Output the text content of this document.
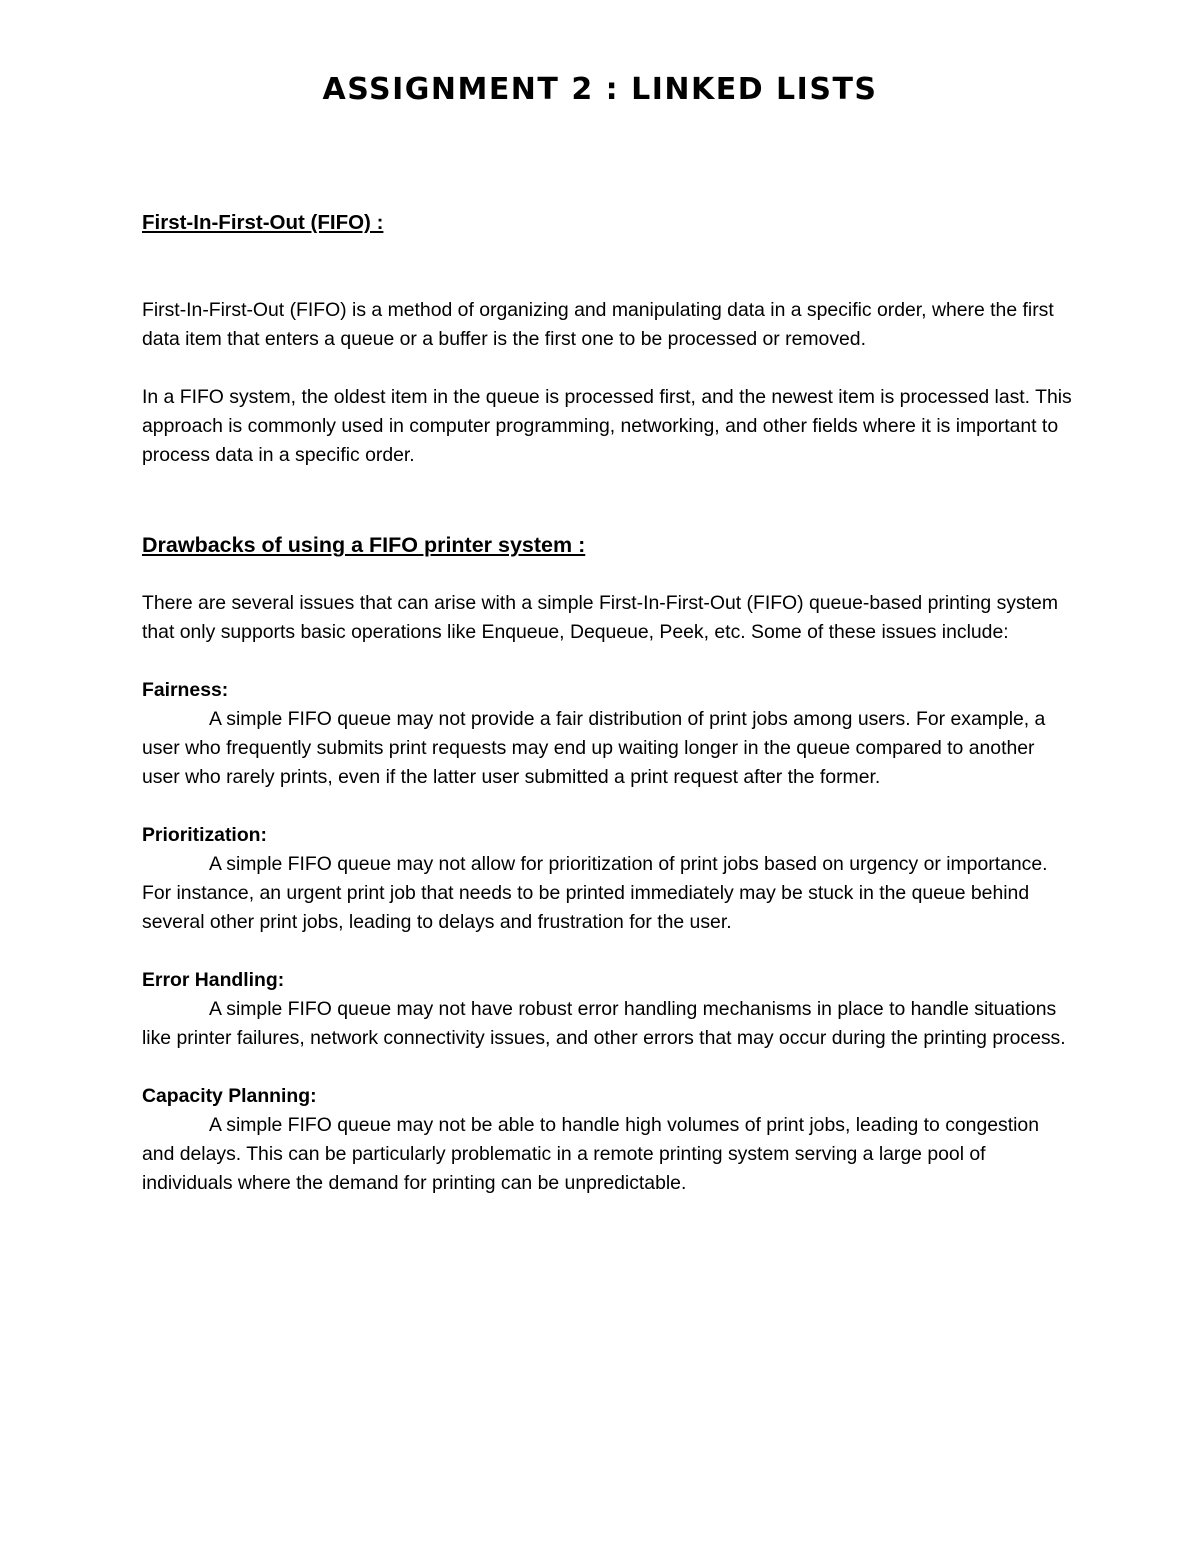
ASSIGNMENT 2 : LINKED LISTS

First-In-First-Out (FIFO) :

First-In-First-Out (FIFO) is a method of organizing and manipulating data in a specific order, where the first data item that enters a queue or a buffer is the first one to be processed or removed.

In a FIFO system, the oldest item in the queue is processed first, and the newest item is processed last. This approach is commonly used in computer programming, networking, and other fields where it is important to process data in a specific order.

Drawbacks of using a FIFO printer system :

There are several issues that can arise with a simple First-In-First-Out (FIFO) queue-based printing system that only supports basic operations like Enqueue, Dequeue, Peek, etc. Some of these issues include:

Fairness:

A simple FIFO queue may not provide a fair distribution of print jobs among users. For example, a user who frequently submits print requests may end up waiting longer in the queue compared to another user who rarely prints, even if the latter user submitted a print request after the former.

Prioritization:

A simple FIFO queue may not allow for prioritization of print jobs based on urgency or importance. For instance, an urgent print job that needs to be printed immediately may be stuck in the queue behind several other print jobs, leading to delays and frustration for the user.

Error Handling:

A simple FIFO queue may not have robust error handling mechanisms in place to handle situations like printer failures, network connectivity issues, and other errors that may occur during the printing process.

Capacity Planning:

A simple FIFO queue may not be able to handle high volumes of print jobs, leading to congestion and delays. This can be particularly problematic in a remote printing system serving a large pool of individuals where the demand for printing can be unpredictable.
